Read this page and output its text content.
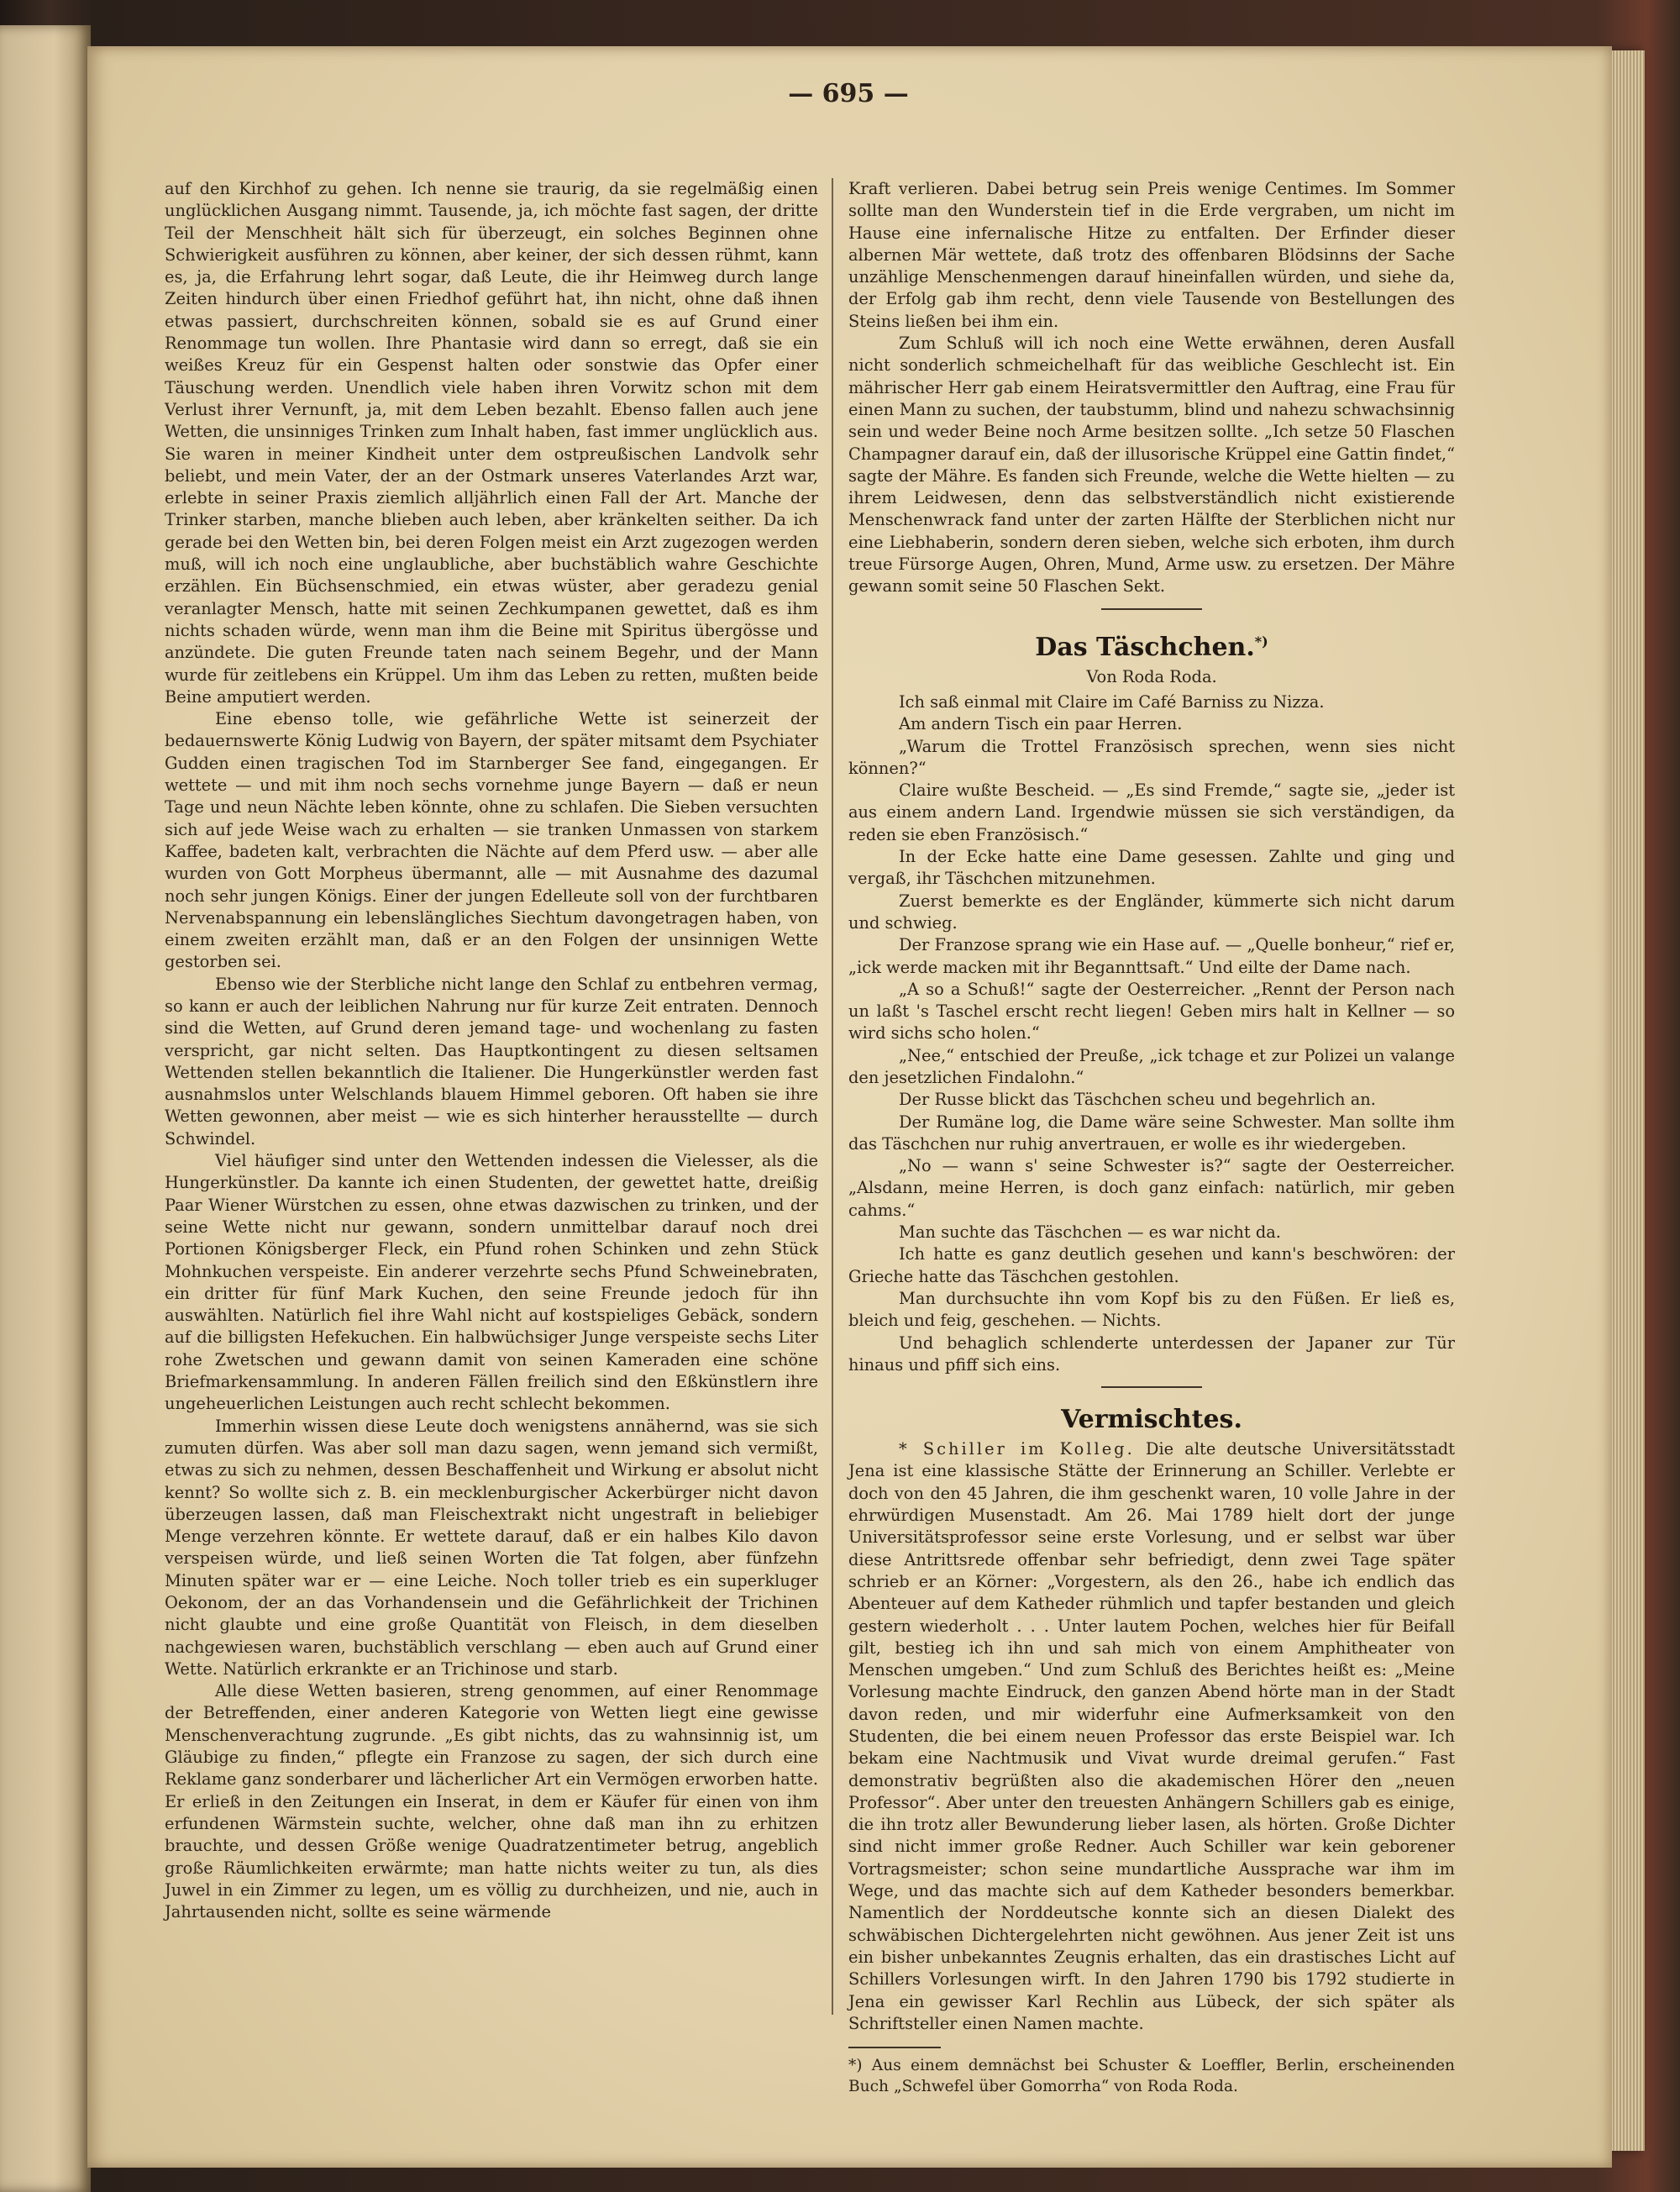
— 695 —

auf den Kirchhof zu gehen. Ich nenne sie traurig, da sie regelmäßig einen unglücklichen Ausgang nimmt. Tausende, ja, ich möchte fast sagen, der dritte Teil der Menschheit hält sich für überzeugt, ein solches Beginnen ohne Schwierigkeit ausführen zu können, aber keiner, der sich dessen rühmt, kann es, ja, die Erfahrung lehrt sogar, daß Leute, die ihr Heimweg durch lange Zeiten hindurch über einen Friedhof geführt hat, ihn nicht, ohne daß ihnen etwas passiert, durchschreiten können, sobald sie es auf Grund einer Renommage tun wollen. Ihre Phantasie wird dann so erregt, daß sie ein weißes Kreuz für ein Gespenst halten oder sonstwie das Opfer einer Täuschung werden. Unendlich viele haben ihren Vorwitz schon mit dem Verlust ihrer Vernunft, ja, mit dem Leben bezahlt. Ebenso fallen auch jene Wetten, die unsinniges Trinken zum Inhalt haben, fast immer unglücklich aus. Sie waren in meiner Kindheit unter dem ostpreußischen Landvolk sehr beliebt, und mein Vater, der an der Ostmark unseres Vaterlandes Arzt war, erlebte in seiner Praxis ziemlich alljährlich einen Fall der Art. Manche der Trinker starben, manche blieben auch leben, aber kränkelten seither. Da ich gerade bei den Wetten bin, bei deren Folgen meist ein Arzt zugezogen werden muß, will ich noch eine unglaubliche, aber buchstäblich wahre Geschichte erzählen. Ein Büchsenschmied, ein etwas wüster, aber geradezu genial veranlagter Mensch, hatte mit seinen Zechkumpanen gewettet, daß es ihm nichts schaden würde, wenn man ihm die Beine mit Spiritus übergösse und anzündete. Die guten Freunde taten nach seinem Begehr, und der Mann wurde für zeitlebens ein Krüppel. Um ihm das Leben zu retten, mußten beide Beine amputiert werden.

Eine ebenso tolle, wie gefährliche Wette ist seinerzeit der bedauernswerte König Ludwig von Bayern, der später mitsamt dem Psychiater Gudden einen tragischen Tod im Starnberger See fand, eingegangen. Er wettete — und mit ihm noch sechs vornehme junge Bayern — daß er neun Tage und neun Nächte leben könnte, ohne zu schlafen. Die Sieben versuchten sich auf jede Weise wach zu erhalten — sie tranken Unmassen von starkem Kaffee, badeten kalt, verbrachten die Nächte auf dem Pferd usw. — aber alle wurden von Gott Morpheus übermannt, alle — mit Ausnahme des dazumal noch sehr jungen Königs. Einer der jungen Edelleute soll von der furchtbaren Nervenabspannung ein lebenslängliches Siechtum davongetragen haben, von einem zweiten erzählt man, daß er an den Folgen der unsinnigen Wette gestorben sei.

Ebenso wie der Sterbliche nicht lange den Schlaf zu entbehren vermag, so kann er auch der leiblichen Nahrung nur für kurze Zeit entraten. Dennoch sind die Wetten, auf Grund deren jemand tage- und wochenlang zu fasten verspricht, gar nicht selten. Das Hauptkontingent zu diesen seltsamen Wettenden stellen bekanntlich die Italiener. Die Hungerkünstler werden fast ausnahmslos unter Welschlands blauem Himmel geboren. Oft haben sie ihre Wetten gewonnen, aber meist — wie es sich hinterher herausstellte — durch Schwindel.

Viel häufiger sind unter den Wettenden indessen die Vielesser, als die Hungerkünstler. Da kannte ich einen Studenten, der gewettet hatte, dreißig Paar Wiener Würstchen zu essen, ohne etwas dazwischen zu trinken, und der seine Wette nicht nur gewann, sondern unmittelbar darauf noch drei Portionen Königsberger Fleck, ein Pfund rohen Schinken und zehn Stück Mohnkuchen verspeiste. Ein anderer verzehrte sechs Pfund Schweinebraten, ein dritter für fünf Mark Kuchen, den seine Freunde jedoch für ihn auswählten. Natürlich fiel ihre Wahl nicht auf kostspieliges Gebäck, sondern auf die billigsten Hefekuchen. Ein halbwüchsiger Junge verspeiste sechs Liter rohe Zwetschen und gewann damit von seinen Kameraden eine schöne Briefmarkensammlung. In anderen Fällen freilich sind den Eßkünstlern ihre ungeheuerlichen Leistungen auch recht schlecht bekommen.

Immerhin wissen diese Leute doch wenigstens annähernd, was sie sich zumuten dürfen. Was aber soll man dazu sagen, wenn jemand sich vermißt, etwas zu sich zu nehmen, dessen Beschaffenheit und Wirkung er absolut nicht kennt? So wollte sich z. B. ein mecklenburgischer Ackerbürger nicht davon überzeugen lassen, daß man Fleischextrakt nicht ungestraft in beliebiger Menge verzehren könnte. Er wettete darauf, daß er ein halbes Kilo davon verspeisen würde, und ließ seinen Worten die Tat folgen, aber fünfzehn Minuten später war er — eine Leiche. Noch toller trieb es ein superkluger Oekonom, der an das Vorhandensein und die Gefährlichkeit der Trichinen nicht glaubte und eine große Quantität von Fleisch, in dem dieselben nachgewiesen waren, buchstäblich verschlang — eben auch auf Grund einer Wette. Natürlich erkrankte er an Trichinose und starb.

Alle diese Wetten basieren, streng genommen, auf einer Renommage der Betreffenden, einer anderen Kategorie von Wetten liegt eine gewisse Menschenverachtung zugrunde. „Es gibt nichts, das zu wahnsinnig ist, um Gläubige zu finden,“ pflegte ein Franzose zu sagen, der sich durch eine Reklame ganz sonderbarer und lächerlicher Art ein Vermögen erworben hatte. Er erließ in den Zeitungen ein Inserat, in dem er Käufer für einen von ihm erfundenen Wärmstein suchte, welcher, ohne daß man ihn zu erhitzen brauchte, und dessen Größe wenige Quadratzentimeter betrug, angeblich große Räumlichkeiten erwärmte; man hatte nichts weiter zu tun, als dies Juwel in ein Zimmer zu legen, um es völlig zu durchheizen, und nie, auch in Jahrtausenden nicht, sollte es seine wärmende

Kraft verlieren. Dabei betrug sein Preis wenige Centimes. Im Sommer sollte man den Wunderstein tief in die Erde vergraben, um nicht im Hause eine infernalische Hitze zu entfalten. Der Erfinder dieser albernen Mär wettete, daß trotz des offenbaren Blödsinns der Sache unzählige Menschenmengen darauf hineinfallen würden, und siehe da, der Erfolg gab ihm recht, denn viele Tausende von Bestellungen des Steins ließen bei ihm ein.

Zum Schluß will ich noch eine Wette erwähnen, deren Ausfall nicht sonderlich schmeichelhaft für das weibliche Geschlecht ist. Ein mährischer Herr gab einem Heiratsvermittler den Auftrag, eine Frau für einen Mann zu suchen, der taubstumm, blind und nahezu schwachsinnig sein und weder Beine noch Arme besitzen sollte. „Ich setze 50 Flaschen Champagner darauf ein, daß der illusorische Krüppel eine Gattin findet,“ sagte der Mähre. Es fanden sich Freunde, welche die Wette hielten — zu ihrem Leidwesen, denn das selbstverständlich nicht existierende Menschenwrack fand unter der zarten Hälfte der Sterblichen nicht nur eine Liebhaberin, sondern deren sieben, welche sich erboten, ihm durch treue Fürsorge Augen, Ohren, Mund, Arme usw. zu ersetzen. Der Mähre gewann somit seine 50 Flaschen Sekt.

Das Täschchen.*)

Von Roda Roda.

Ich saß einmal mit Claire im Café Barniss zu Nizza.

Am andern Tisch ein paar Herren.

„Warum die Trottel Französisch sprechen, wenn sies nicht können?“

Claire wußte Bescheid. — „Es sind Fremde,“ sagte sie, „jeder ist aus einem andern Land. Irgendwie müssen sie sich verständigen, da reden sie eben Französisch.“

In der Ecke hatte eine Dame gesessen. Zahlte und ging und vergaß, ihr Täschchen mitzunehmen.

Zuerst bemerkte es der Engländer, kümmerte sich nicht darum und schwieg.

Der Franzose sprang wie ein Hase auf. — „Quelle bonheur,“ rief er, „ick werde macken mit ihr Begannttsaft.“ Und eilte der Dame nach.

„A so a Schuß!“ sagte der Oesterreicher. „Rennt der Person nach un laßt 's Taschel erscht recht liegen! Geben mirs halt in Kellner — so wird sichs scho holen.“

„Nee,“ entschied der Preuße, „ick tchage et zur Polizei un valange den jesetzlichen Findalohn.“

Der Russe blickt das Täschchen scheu und begehrlich an.

Der Rumäne log, die Dame wäre seine Schwester. Man sollte ihm das Täschchen nur ruhig anvertrauen, er wolle es ihr wiedergeben.

„No — wann s' seine Schwester is?“ sagte der Oesterreicher. „Alsdann, meine Herren, is doch ganz einfach: natürlich, mir geben cahms.“

Man suchte das Täschchen — es war nicht da.

Ich hatte es ganz deutlich gesehen und kann's beschwören: der Grieche hatte das Täschchen gestohlen.

Man durchsuchte ihn vom Kopf bis zu den Füßen. Er ließ es, bleich und feig, geschehen. — Nichts.

Und behaglich schlenderte unterdessen der Japaner zur Tür hinaus und pfiff sich eins.

Vermischtes.

* Schiller im Kolleg. Die alte deutsche Universitätsstadt Jena ist eine klassische Stätte der Erinnerung an Schiller. Verlebte er doch von den 45 Jahren, die ihm geschenkt waren, 10 volle Jahre in der ehrwürdigen Musenstadt. Am 26. Mai 1789 hielt dort der junge Universitätsprofessor seine erste Vorlesung, und er selbst war über diese Antrittsrede offenbar sehr befriedigt, denn zwei Tage später schrieb er an Körner: „Vorgestern, als den 26., habe ich endlich das Abenteuer auf dem Katheder rühmlich und tapfer bestanden und gleich gestern wiederholt . . . Unter lautem Pochen, welches hier für Beifall gilt, bestieg ich ihn und sah mich von einem Amphitheater von Menschen umgeben.“ Und zum Schluß des Berichtes heißt es: „Meine Vorlesung machte Eindruck, den ganzen Abend hörte man in der Stadt davon reden, und mir widerfuhr eine Aufmerksamkeit von den Studenten, die bei einem neuen Professor das erste Beispiel war. Ich bekam eine Nachtmusik und Vivat wurde dreimal gerufen.“ Fast demonstrativ begrüßten also die akademischen Hörer den „neuen Professor“. Aber unter den treuesten Anhängern Schillers gab es einige, die ihn trotz aller Bewunderung lieber lasen, als hörten. Große Dichter sind nicht immer große Redner. Auch Schiller war kein geborener Vortragsmeister; schon seine mundartliche Aussprache war ihm im Wege, und das machte sich auf dem Katheder besonders bemerkbar. Namentlich der Norddeutsche konnte sich an diesen Dialekt des schwäbischen Dichtergelehrten nicht gewöhnen. Aus jener Zeit ist uns ein bisher unbekanntes Zeugnis erhalten, das ein drastisches Licht auf Schillers Vorlesungen wirft. In den Jahren 1790 bis 1792 studierte in Jena ein gewisser Karl Rechlin aus Lübeck, der sich später als Schriftsteller einen Namen machte.

*) Aus einem demnächst bei Schuster & Loeffler, Berlin, erscheinenden Buch „Schwefel über Gomorrha“ von Roda Roda.
